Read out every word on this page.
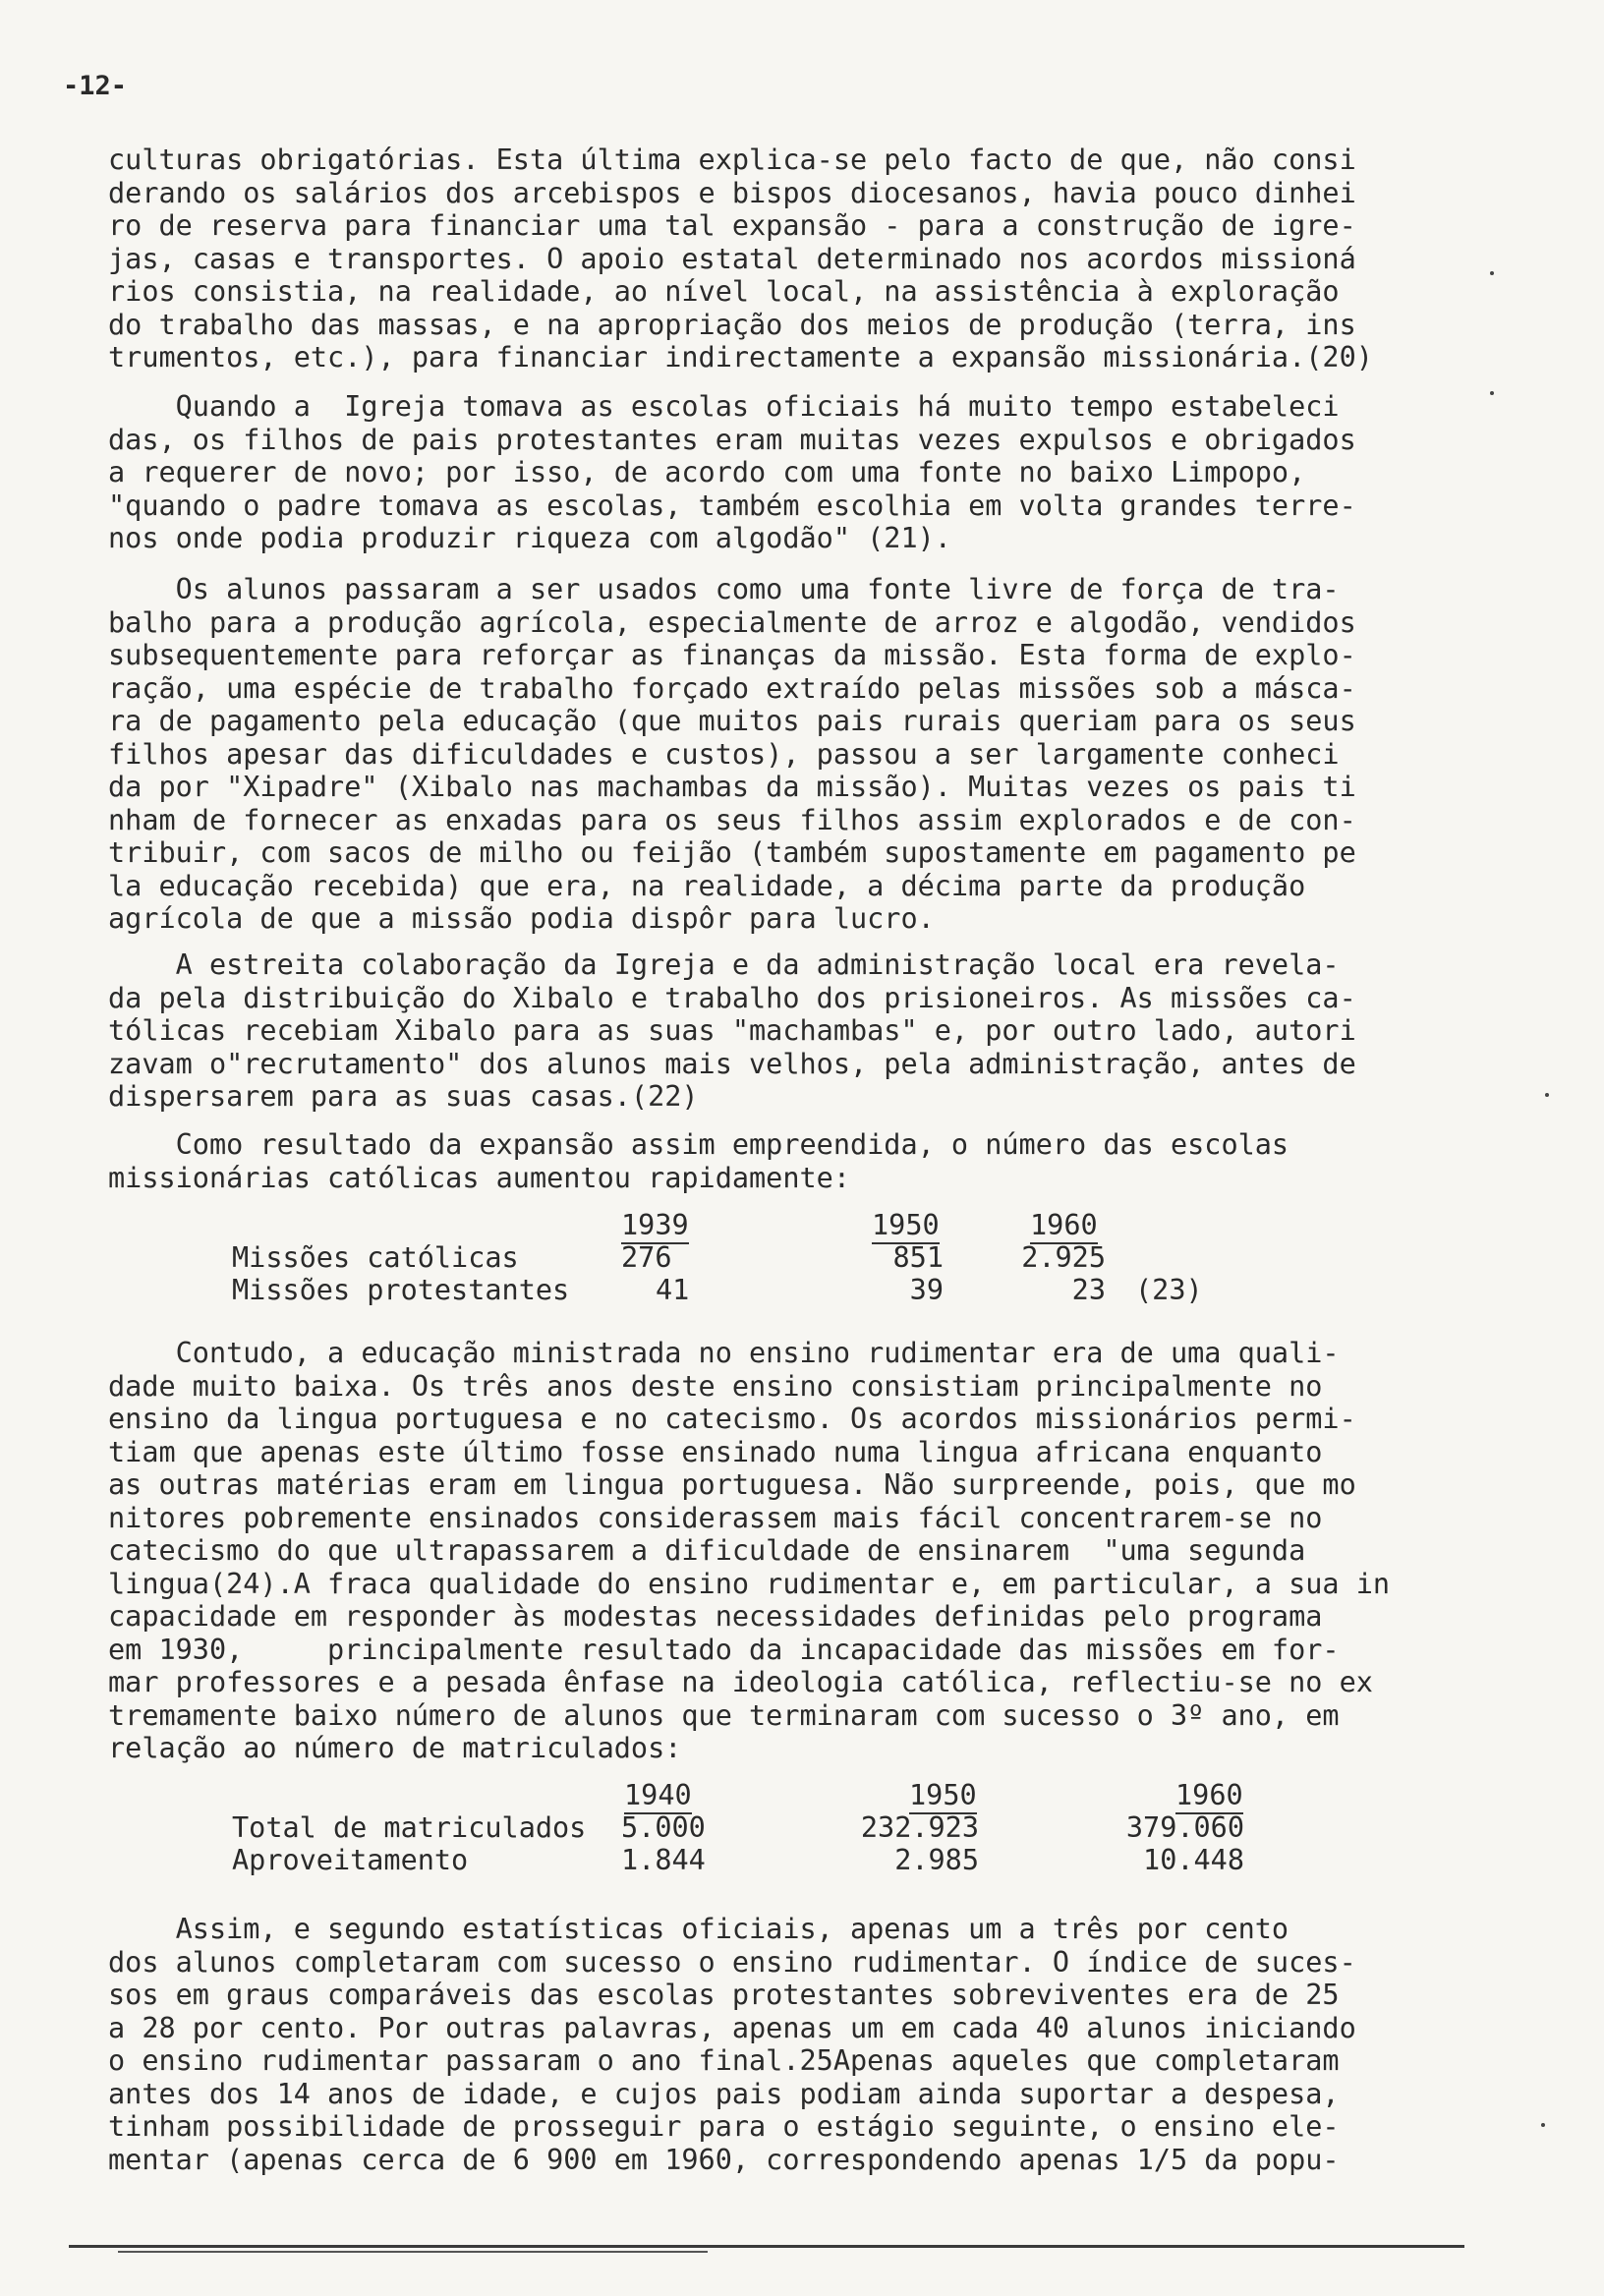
-12-
culturas obrigatórias. Esta última explica-se pelo facto de que, não consi
derando os salários dos arcebispos e bispos diocesanos, havia pouco dinhei
ro de reserva para financiar uma tal expansão - para a construção de igre-
jas, casas e transportes. O apoio estatal determinado nos acordos missioná
rios consistia, na realidade, ao nível local, na assistência à exploração
do trabalho das massas, e na apropriação dos meios de produção (terra, ins
trumentos, etc.), para financiar indirectamente a expansão missionária.(20)
Quando a  Igreja tomava as escolas oficiais há muito tempo estabeleci
das, os filhos de pais protestantes eram muitas vezes expulsos e obrigados
a requerer de novo; por isso, de acordo com uma fonte no baixo Limpopo,
"quando o padre tomava as escolas, também escolhia em volta grandes terre-
nos onde podia produzir riqueza com algodão" (21).
Os alunos passaram a ser usados como uma fonte livre de força de tra-
balho para a produção agrícola, especialmente de arroz e algodão, vendidos
subsequentemente para reforçar as finanças da missão. Esta forma de explo-
ração, uma espécie de trabalho forçado extraído pelas missões sob a másca-
ra de pagamento pela educação (que muitos pais rurais queriam para os seus
filhos apesar das dificuldades e custos), passou a ser largamente conheci
da por "Xipadre" (Xibalo nas machambas da missão). Muitas vezes os pais ti
nham de fornecer as enxadas para os seus filhos assim explorados e de con-
tribuir, com sacos de milho ou feijão (também supostamente em pagamento pe
la educação recebida) que era, na realidade, a décima parte da produção
agrícola de que a missão podia dispôr para lucro.
A estreita colaboração da Igreja e da administração local era revela-
da pela distribuição do Xibalo e trabalho dos prisioneiros. As missões ca-
tólicas recebiam Xibalo para as suas "machambas" e, por outro lado, autori
zavam o"recrutamento" dos alunos mais velhos, pela administração, antes de
dispersarem para as suas casas.(22)
Como resultado da expansão assim empreendida, o número das escolas
missionárias católicas aumentou rapidamente:
1939	1950	1960
Missões católicas	276	851	2.925
Missões protestantes	41	39	23 (23)
Contudo, a educação ministrada no ensino rudimentar era de uma quali-
dade muito baixa. Os três anos deste ensino consistiam principalmente no
ensino da lingua portuguesa e no catecismo. Os acordos missionários permi-
tiam que apenas este último fosse ensinado numa lingua africana enquanto
as outras matérias eram em lingua portuguesa. Não surpreende, pois, que mo
nitores pobremente ensinados considerassem mais fácil concentrarem-se no
catecismo do que ultrapassarem a dificuldade de ensinarem  "uma segunda
lingua(24).A fraca qualidade do ensino rudimentar e, em particular, a sua in
capacidade em responder às modestas necessidades definidas pelo programa
em 1930,     principalmente resultado da incapacidade das missões em for-
mar professores e a pesada ênfase na ideologia católica, reflectiu-se no ex
tremamente baixo número de alunos que terminaram com sucesso o 3º ano, em
relação ao número de matriculados:
1940	1950	1960
Total de matriculados 5.000	232.923	379.060
Aproveitamento	1.844	2.985	10.448
Assim, e segundo estatísticas oficiais, apenas um a três por cento
dos alunos completaram com sucesso o ensino rudimentar. O índice de suces-
sos em graus comparáveis das escolas protestantes sobreviventes era de 25
a 28 por cento. Por outras palavras, apenas um em cada 40 alunos iniciando
o ensino rudimentar passaram o ano final.25Apenas aqueles que completaram
antes dos 14 anos de idade, e cujos pais podiam ainda suportar a despesa,
tinham possibilidade de prosseguir para o estágio seguinte, o ensino ele-
mentar (apenas cerca de 6 900 em 1960, correspondendo apenas 1/5 da popu-
